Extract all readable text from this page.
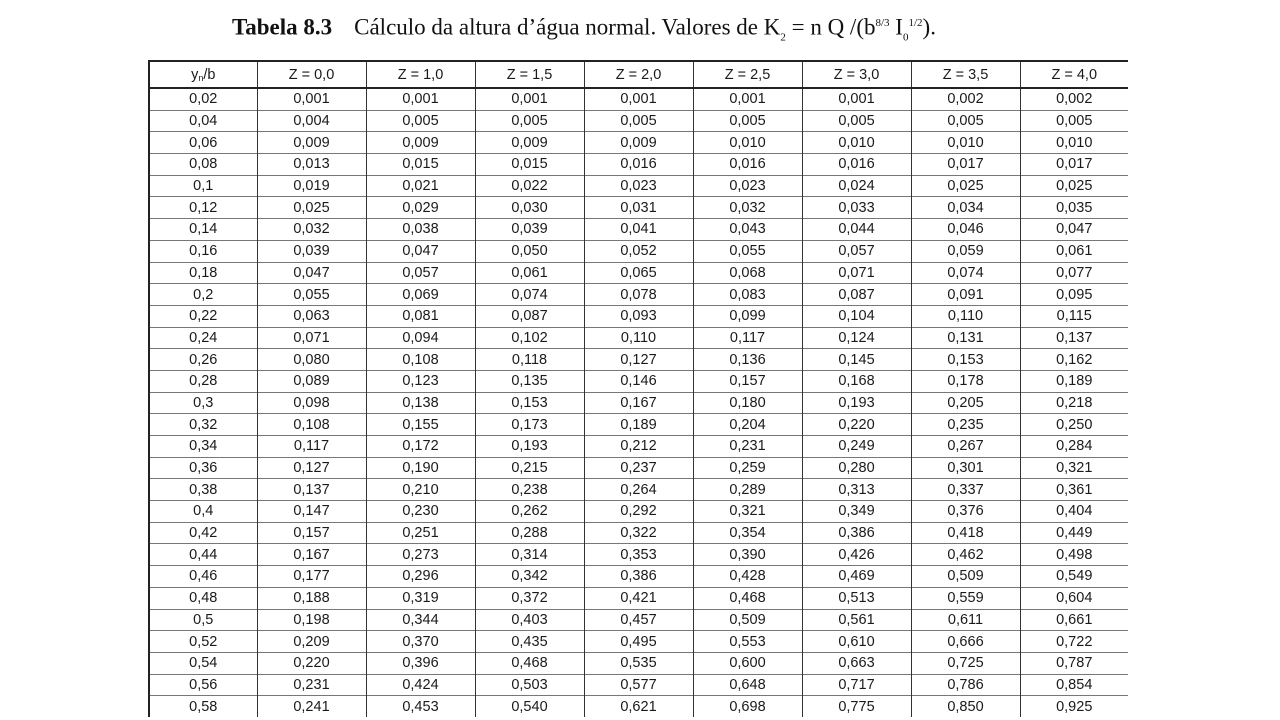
Tabela 8.3 Cálculo da altura d’água normal. Valores de $K_2 = n$ Q $/(b^{8/3}$ $I_0^{1/2}$).
yn/b	Z = 0,0	Z = 1,0	Z = 1,5	Z = 2,0	Z = 2,5	Z = 3,0	Z = 3,5	Z = 4,0
0,02	0,001	0,001	0,001	0,001	0,001	0,001	0,002	0,002
0,04	0,004	0,005	0,005	0,005	0,005	0,005	0,005	0,005
0,06	0,009	0,009	0,009	0,009	0,010	0,010	0,010	0,010
0,08	0,013	0,015	0,015	0,016	0,016	0,016	0,017	0,017
0,1	0,019	0,021	0,022	0,023	0,023	0,024	0,025	0,025
0,12	0,025	0,029	0,030	0,031	0,032	0,033	0,034	0,035
0,14	0,032	0,038	0,039	0,041	0,043	0,044	0,046	0,047
0,16	0,039	0,047	0,050	0,052	0,055	0,057	0,059	0,061
0,18	0,047	0,057	0,061	0,065	0,068	0,071	0,074	0,077
0,2	0,055	0,069	0,074	0,078	0,083	0,087	0,091	0,095
0,22	0,063	0,081	0,087	0,093	0,099	0,104	0,110	0,115
0,24	0,071	0,094	0,102	0,110	0,117	0,124	0,131	0,137
0,26	0,080	0,108	0,118	0,127	0,136	0,145	0,153	0,162
0,28	0,089	0,123	0,135	0,146	0,157	0,168	0,178	0,189
0,3	0,098	0,138	0,153	0,167	0,180	0,193	0,205	0,218
0,32	0,108	0,155	0,173	0,189	0,204	0,220	0,235	0,250
0,34	0,117	0,172	0,193	0,212	0,231	0,249	0,267	0,284
0,36	0,127	0,190	0,215	0,237	0,259	0,280	0,301	0,321
0,38	0,137	0,210	0,238	0,264	0,289	0,313	0,337	0,361
0,4	0,147	0,230	0,262	0,292	0,321	0,349	0,376	0,404
0,42	0,157	0,251	0,288	0,322	0,354	0,386	0,418	0,449
0,44	0,167	0,273	0,314	0,353	0,390	0,426	0,462	0,498
0,46	0,177	0,296	0,342	0,386	0,428	0,469	0,509	0,549
0,48	0,188	0,319	0,372	0,421	0,468	0,513	0,559	0,604
0,5	0,198	0,344	0,403	0,457	0,509	0,561	0,611	0,661
0,52	0,209	0,370	0,435	0,495	0,553	0,610	0,666	0,722
0,54	0,220	0,396	0,468	0,535	0,600	0,663	0,725	0,787
0,56	0,231	0,424	0,503	0,577	0,648	0,717	0,786	0,854
0,58	0,241	0,453	0,540	0,621	0,698	0,775	0,850	0,925
